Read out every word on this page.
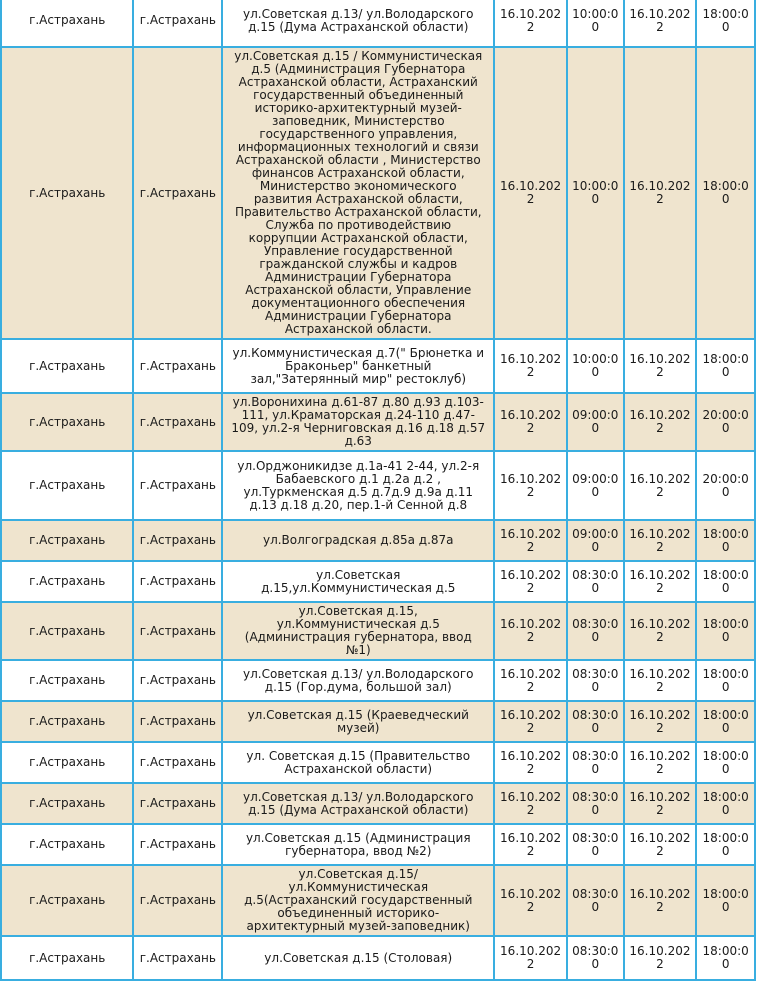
г.Астрахань	г.Астрахань	ул.Советская д.13/ ул.Володарского д.15 (Дума Астраханской области)	16.10.2022	10:00:00	16.10.2022	18:00:00
г.Астрахань	г.Астрахань	ул.Советская д.15 / Коммунистическая д.5 (Администрация Губернатора Астраханской области, Астраханский государственный объединенный историко-архитектурный музей-заповедник, Министерство государственного управления, информационных технологий и связи Астраханской области , Министерство финансов Астраханской области, Министерство экономического развития Астраханской области, Правительство Астраханской области, Служба по противодействию коррупции Астраханской области, Управление государственной гражданской службы и кадров Администрации Губернатора Астраханской области, Управление документационного обеспечения Администрации Губернатора Астраханской области.	16.10.2022	10:00:00	16.10.2022	18:00:00
г.Астрахань	г.Астрахань	ул.Коммунистическая д.7(" Брюнетка и Браконьер" банкетный зал,"Затерянный мир" рестоклуб)	16.10.2022	10:00:00	16.10.2022	18:00:00
г.Астрахань	г.Астрахань	ул.Воронихина д.61-87 д.80 д.93 д.103-111, ул.Краматорская д.24-110 д.47-109, ул.2-я Черниговская д.16 д.18 д.57 д.63	16.10.2022	09:00:00	16.10.2022	20:00:00
г.Астрахань	г.Астрахань	ул.Орджоникидзе д.1а-41 2-44, ул.2-я Бабаевского д.1 д.2а д.2 , ул.Туркменская д.5 д.7д.9 д.9а д.11 д.13 д.18 д.20, пер.1-й Сенной д.8	16.10.2022	09:00:00	16.10.2022	20:00:00
г.Астрахань	г.Астрахань	ул.Волгоградская д.85а д.87а	16.10.2022	09:00:00	16.10.2022	18:00:00
г.Астрахань	г.Астрахань	ул.Советская д.15,ул.Коммунистическая д.5	16.10.2022	08:30:00	16.10.2022	18:00:00
г.Астрахань	г.Астрахань	ул.Советская д.15, ул.Коммунистическая д.5 (Администрация губернатора, ввод №1)	16.10.2022	08:30:00	16.10.2022	18:00:00
г.Астрахань	г.Астрахань	ул.Советская д.13/ ул.Володарского д.15 (Гор.дума, большой зал)	16.10.2022	08:30:00	16.10.2022	18:00:00
г.Астрахань	г.Астрахань	ул.Советская д.15 (Краеведческий музей)	16.10.2022	08:30:00	16.10.2022	18:00:00
г.Астрахань	г.Астрахань	ул. Советская д.15 (Правительство Астраханской области)	16.10.2022	08:30:00	16.10.2022	18:00:00
г.Астрахань	г.Астрахань	ул.Советская д.13/ ул.Володарского д.15 (Дума Астраханской области)	16.10.2022	08:30:00	16.10.2022	18:00:00
г.Астрахань	г.Астрахань	ул.Советская д.15 (Администрация губернатора, ввод №2)	16.10.2022	08:30:00	16.10.2022	18:00:00
г.Астрахань	г.Астрахань	ул.Советская д.15/ ул.Коммунистическая д.5(Астраханский государственный объединенный историко-архитектурный музей-заповедник)	16.10.2022	08:30:00	16.10.2022	18:00:00
г.Астрахань	г.Астрахань	ул.Советская д.15 (Столовая)	16.10.2022	08:30:00	16.10.2022	18:00:00
